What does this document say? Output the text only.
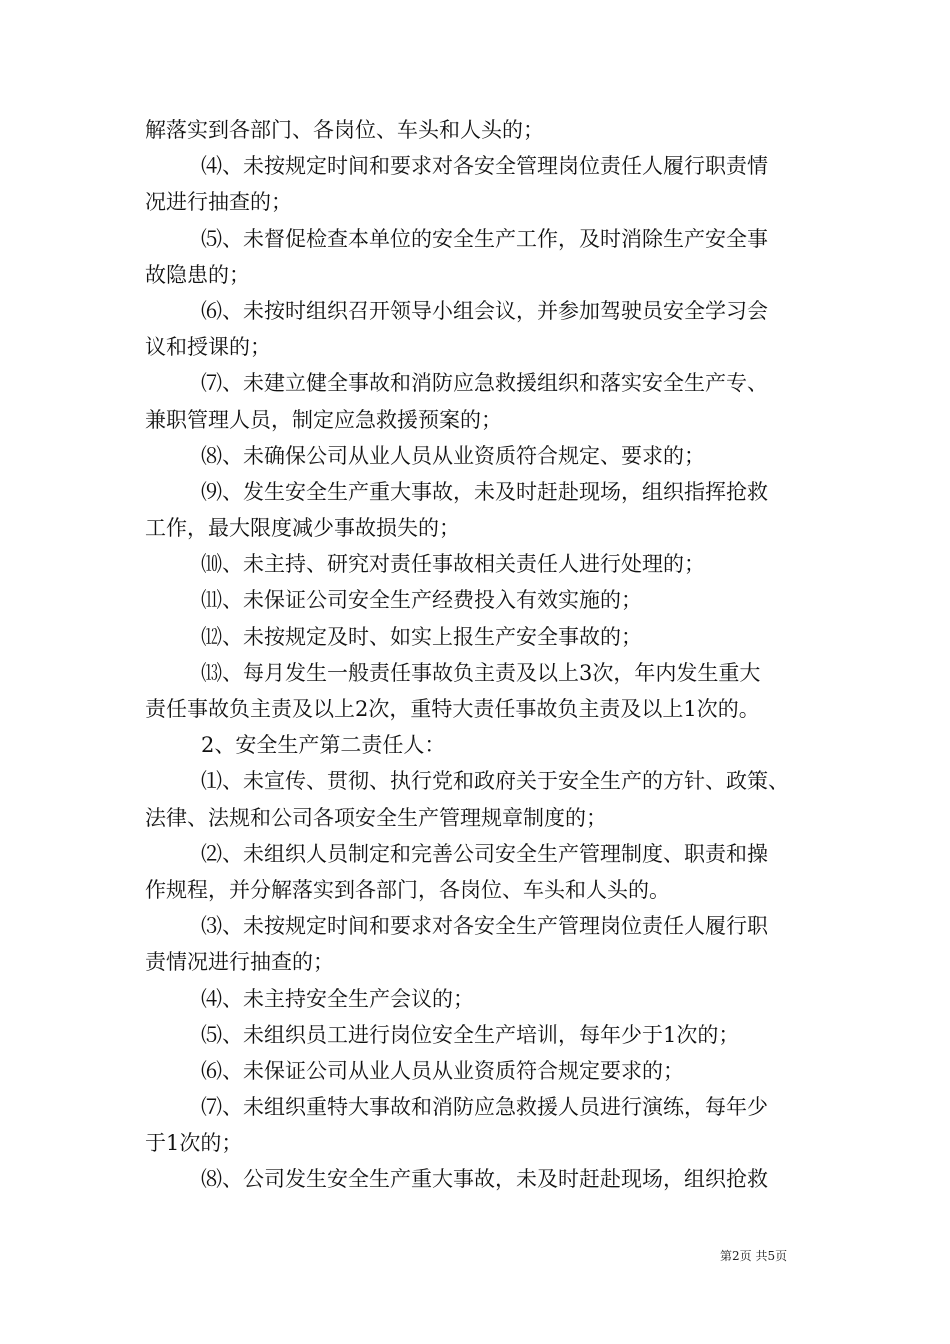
解落实到各部门、各岗位、车头和人头的；
⑷、未按规定时间和要求对各安全管理岗位责任人履行职责情
况进行抽查的；
⑸、未督促检查本单位的安全生产工作，及时消除生产安全事
故隐患的；
⑹、未按时组织召开领导小组会议，并参加驾驶员安全学习会
议和授课的；
⑺、未建立健全事故和消防应急救援组织和落实安全生产专、
兼职管理人员，制定应急救援预案的；
⑻、未确保公司从业人员从业资质符合规定、要求的；
⑼、发生安全生产重大事故，未及时赶赴现场，组织指挥抢救
工作，最大限度减少事故损失的；
⑽、未主持、研究对责任事故相关责任人进行处理的；
⑾、未保证公司安全生产经费投入有效实施的；
⑿、未按规定及时、如实上报生产安全事故的；
⒀、每月发生一般责任事故负主责及以上3次，年内发生重大
责任事故负主责及以上2次，重特大责任事故负主责及以上1次的。
2、安全生产第二责任人：
⑴、未宣传、贯彻、执行党和政府关于安全生产的方针、政策、
法律、法规和公司各项安全生产管理规章制度的；
⑵、未组织人员制定和完善公司安全生产管理制度、职责和操
作规程，并分解落实到各部门，各岗位、车头和人头的。
⑶、未按规定时间和要求对各安全生产管理岗位责任人履行职
责情况进行抽查的；
⑷、未主持安全生产会议的；
⑸、未组织员工进行岗位安全生产培训，每年少于1次的；
⑹、未保证公司从业人员从业资质符合规定要求的；
⑺、未组织重特大事故和消防应急救援人员进行演练，每年少
于1次的；
⑻、公司发生安全生产重大事故，未及时赶赴现场，组织抢救
第2页 共5页
